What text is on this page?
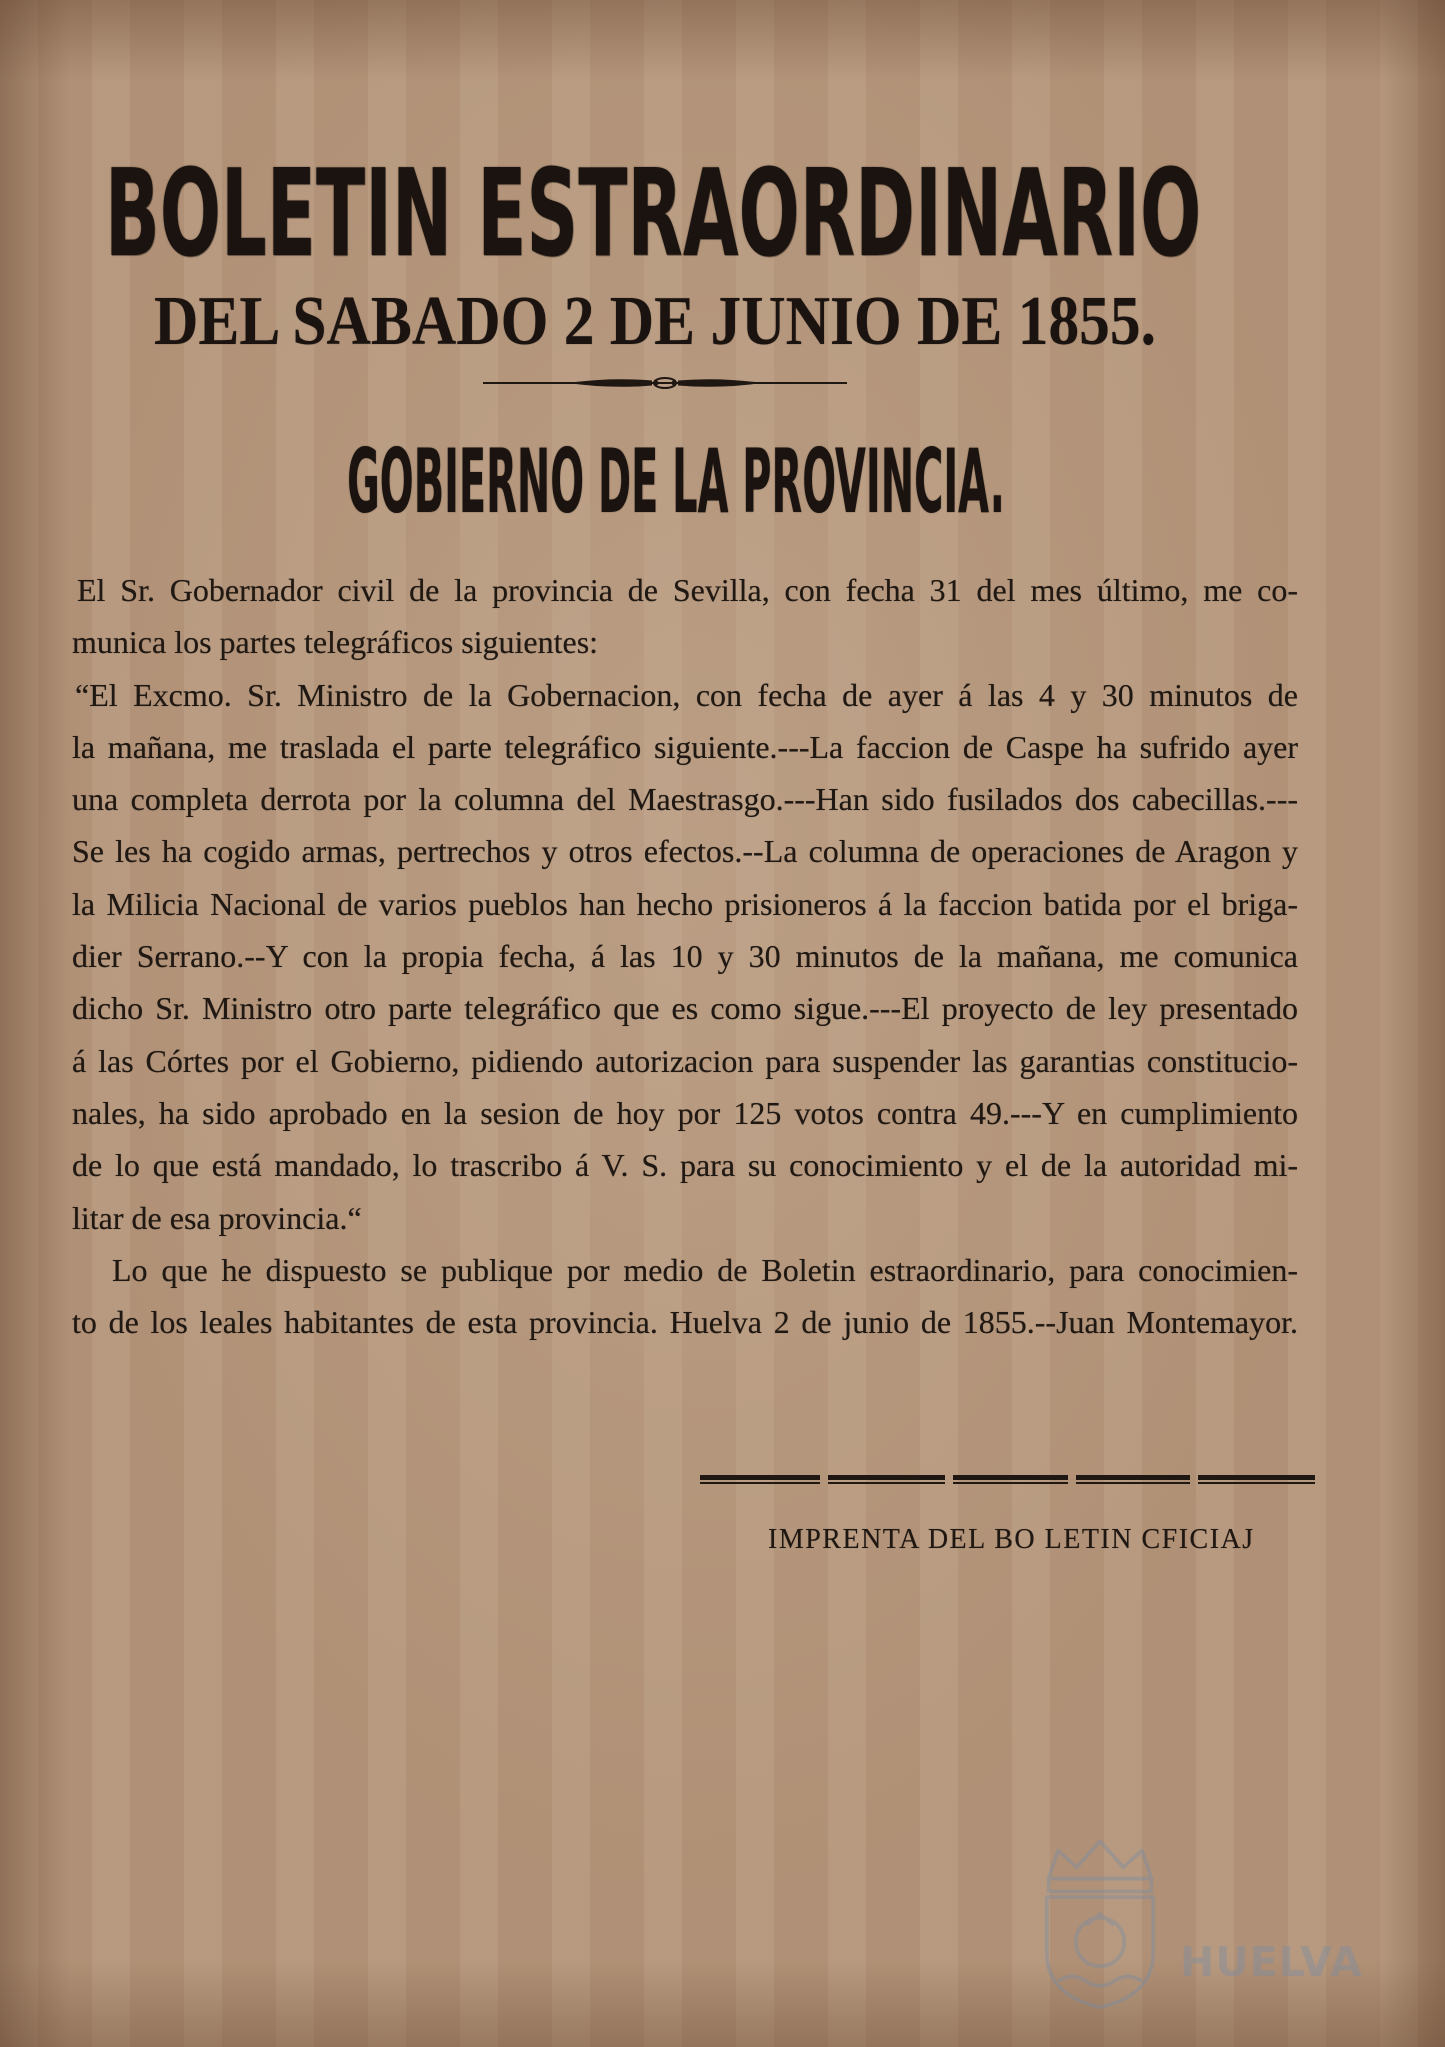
BOLETIN ESTRAORDINARIO
DEL SABADO 2 DE JUNIO DE 1855.
GOBIERNO DE LA PROVINCIA.
El Sr. Gobernador civil de la provincia de Sevilla, con fecha 31 del mes último, me co-
munica los partes telegráficos siguientes:
“El Excmo. Sr. Ministro de la Gobernacion, con fecha de ayer á las 4 y 30 minutos de
la mañana, me traslada el parte telegráfico siguiente.---La faccion de Caspe ha sufrido ayer
una completa derrota por la columna del Maestrasgo.---Han sido fusilados dos cabecillas.---
Se les ha cogido armas, pertrechos y otros efectos.--La columna de operaciones de Aragon y
la Milicia Nacional de varios pueblos han hecho prisioneros á la faccion batida por el briga-
dier Serrano.--Y con la propia fecha, á las 10 y 30 minutos de la mañana, me comunica
dicho Sr. Ministro otro parte telegráfico que es como sigue.---El proyecto de ley presentado
á las Córtes por el Gobierno, pidiendo autorizacion para suspender las garantias constitucio-
nales, ha sido aprobado en la sesion de hoy por 125 votos contra 49.---Y en cumplimiento
de lo que está mandado, lo trascribo á V. S. para su conocimiento y el de la autoridad mi-
litar de esa provincia.“
Lo que he dispuesto se publique por medio de Boletin estraordinario, para conocimien-
to de los leales habitantes de esta provincia. Huelva 2 de junio de 1855.--Juan Montemayor.
IMPRENTA DEL BO LETIN CFICIAJ
HUELVA
